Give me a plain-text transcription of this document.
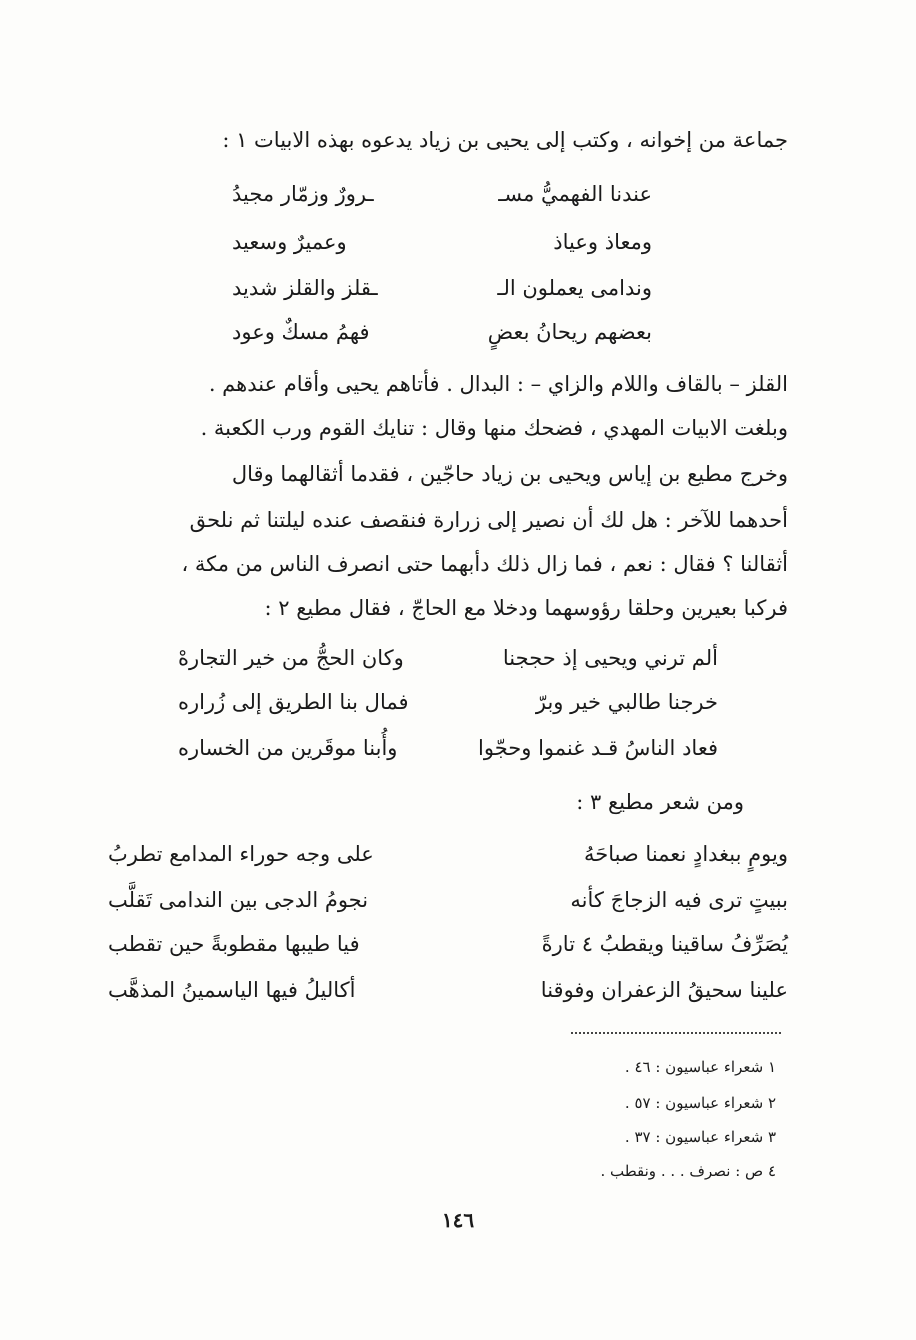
جماعة من إخوانه ، وكتب إلى يحيى بن زياد يدعوه بهذه الابيات ١ :
عندنا الفهميُّ مسـ
ـرورٌ وزمّار مجيدُ
ومعاذ وعياذ
وعميرٌ وسعيد
وندامى يعملون الـ
ـقلز والقلز شديد
بعضهم ريحانُ بعضٍ
فهمُ مسكٌ وعود
القلز – بالقاف واللام والزاي – : البدال . فأتاهم يحيى وأقام عندهم .
وبلغت الابيات المهدي ، فضحك منها وقال : تنايك القوم ورب الكعبة .
وخرج مطيع بن إياس ويحيى بن زياد حاجّين ، فقدما أثقالهما وقال
أحدهما للآخر : هل لك أن نصير إلى زرارة فنقصف عنده ليلتنا ثم نلحق
أثقالنا ؟ فقال : نعم ، فما زال ذلك دأبهما حتى انصرف الناس من مكة ،
فركبا بعيرين وحلقا رؤوسهما ودخلا مع الحاجّ ، فقال مطيع ٢ :
ألم ترني ويحيى إذ حججنا
وكان الحجُّ من خير التجارهْ
خرجنا طالبي خير وبرّ
فمال بنا الطريق إلى زُراره
فعاد الناسُ قـد غنموا وحجّوا
وأُبنا موقَرين من الخساره
ومن شعر مطيع ٣ :
ويومٍ ببغدادٍ نعمنا صباحَهُ
على وجه حوراء المدامع تطربُ
ببيتٍ ترى فيه الزجاجَ كأنه
نجومُ الدجى بين الندامى تَقلَّب
يُصَرِّفُ ساقينا ويقطبُ ٤ تارةً
فيا طيبها مقطوبةً حين تقطب
علينا سحيقُ الزعفران وفوقنا
أكاليلُ فيها الياسمينُ المذهَّب
١ شعراء عباسيون : ٤٦ .
٢ شعراء عباسيون : ٥٧ .
٣ شعراء عباسيون : ٣٧ .
٤ ص : نصرف . . . ونقطب .
١٤٦
